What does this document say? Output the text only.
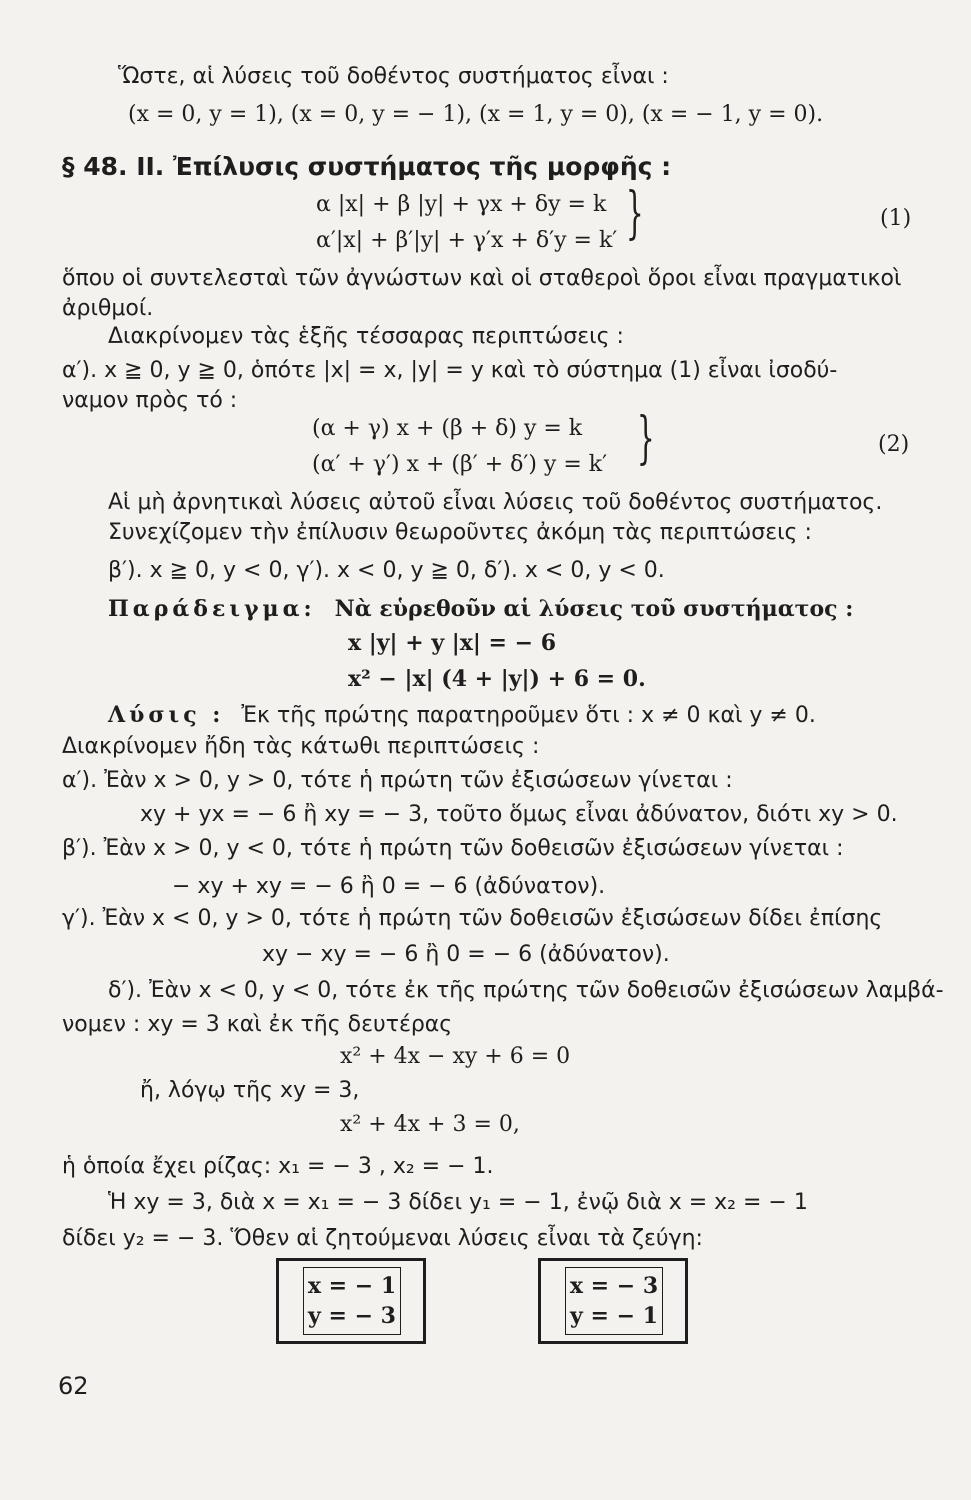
Ὥστε, αἱ λύσεις τοῦ δοθέντος συστήματος εἶναι :
(x = 0, y = 1), (x = 0, y = − 1), (x = 1, y = 0), (x = − 1, y = 0).
§ 48. II. Ἐπίλυσις συστήματος τῆς μορφῆς :
α |x| + β |y| + γx + δy = k
α′|x| + β′|y| + γ′x + δ′y = k′ }	(1)
ὅπου οἱ συντελεσταὶ τῶν ἀγνώστων καὶ οἱ σταθεροὶ ὅροι εἶναι πραγματικοὶ
ἀριθμοί.
Διακρίνομεν τὰς ἑξῆς τέσσαρας περιπτώσεις :
α′). x ≧ 0, y ≧ 0, ὁπότε |x| = x, |y| = y καὶ τὸ σύστημα (1) εἶναι ἰσοδύ-
ναμον πρὸς τό :
(α + γ) x + (β + δ) y = k
(α′ + γ′) x + (β′ + δ′) y = k′ }	(2)
Αἱ μὴ ἀρνητικαὶ λύσεις αὐτοῦ εἶναι λύσεις τοῦ δοθέντος συστήματος.
Συνεχίζομεν τὴν ἐπίλυσιν θεωροῦντες ἀκόμη τὰς περιπτώσεις :
β′). x ≧ 0, y < 0, γ′). x < 0, y ≧ 0, δ′). x < 0, y < 0.
Παράδειγμα: Νὰ εὑρεθοῦν αἱ λύσεις τοῦ συστήματος :
x |y| + y |x| = − 6
x² − |x| (4 + |y|) + 6 = 0.
Λύσις : Ἐκ τῆς πρώτης παρατηροῦμεν ὅτι : x ≠ 0 καὶ y ≠ 0.
Διακρίνομεν ἤδη τὰς κάτωθι περιπτώσεις :
α′). Ἐὰν x > 0, y > 0, τότε ἡ πρώτη τῶν ἐξισώσεων γίνεται :
xy + yx = − 6 ἢ xy = − 3, τοῦτο ὅμως εἶναι ἀδύνατον, διότι xy > 0.
β′). Ἐὰν x > 0, y < 0, τότε ἡ πρώτη τῶν δοθεισῶν ἐξισώσεων γίνεται :
− xy + xy = − 6 ἢ 0 = − 6 (ἀδύνατον).
γ′). Ἐὰν x < 0, y > 0, τότε ἡ πρώτη τῶν δοθεισῶν ἐξισώσεων δίδει ἐπίσης
xy − xy = − 6 ἢ 0 = − 6 (ἀδύνατον).
δ′). Ἐὰν x < 0, y < 0, τότε ἐκ τῆς πρώτης τῶν δοθεισῶν ἐξισώσεων λαμβά-
νομεν : xy = 3 καὶ ἐκ τῆς δευτέρας
x² + 4x − xy + 6 = 0
ἤ, λόγῳ τῆς xy = 3,
x² + 4x + 3 = 0,
ἡ ὁποία ἔχει ρίζας: x₁ = − 3 , x₂ = − 1.
Ἡ xy = 3, διὰ x = x₁ = − 3 δίδει y₁ = − 1, ἐνῷ διὰ x = x₂ = − 1
δίδει y₂ = − 3. Ὅθεν αἱ ζητούμεναι λύσεις εἶναι τὰ ζεύγη:
x = − 1
y = − 3
x = − 3
y = − 1
62
